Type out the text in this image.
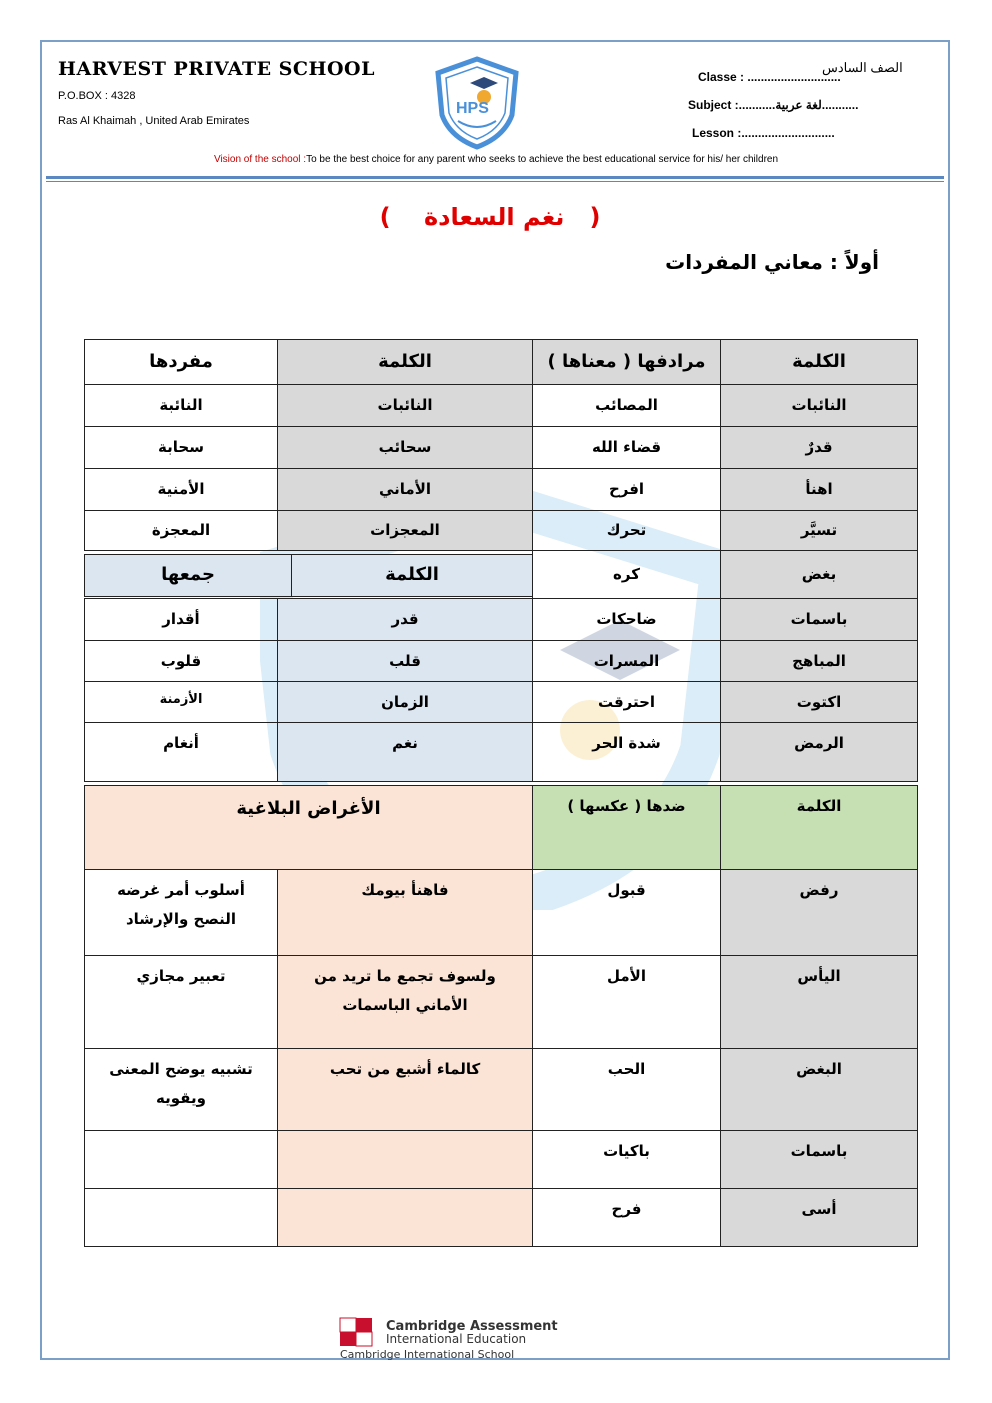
HARVEST PRIVATE SCHOOL
P.O.BOX : 4328
Ras Al Khaimah , United Arab Emirates
HPS
Classe : ............................
الصف السادس
Subject :...........لغة عربية...........
Lesson :............................
Vision of the school :To be the best choice for any parent who seeks to achieve the best educational service for his/ her children
(   نغم السعادة    )
أولاً : معاني المفردات
الكلمة
مرادفها ( معناها )
الكلمة
مفردها
النائبات
المصائب
النائبات
النائبة
قدرٌ
قضاء الله
سحائب
سحابة
اهنأ
افرح
الأماني
الأمنية
تسيَّر
تحرك
المعجزات
المعجزة
بغض
كره
الكلمة
جمعها
باسمات
ضاحكات
قدر
أقدار
المباهج
المسرات
قلب
قلوب
اكتوت
احترقت
الزمان
الأزمنة
الرمض
شدة الحر
نغم
أنغام
الكلمة
ضدها ( عكسها )
الأغراض البلاغية
رفض
قبول
فاهنأ بيومك
أسلوب أمر غرضه النصح والإرشاد
اليأس
الأمل
ولسوف تجمع ما تريد من الأماني الباسمات
تعبير مجازي
البغض
الحب
كالماء أشبع من تحب
تشبيه يوضح المعنى ويقويه
باسمات
باكيات
أسى
فرح
Cambridge Assessment
International Education
Cambridge International School
